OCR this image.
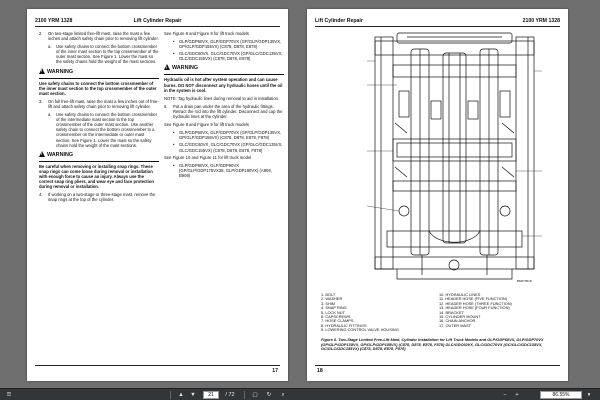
2100 YRM 1328	Lift Cylinder Repair
2. On two-stage limited free-lift mast, raise the mast a few inches and attach safety chain prior to removing lift cylinder.
a. Use safety chains to connect the bottom crossmember of the inner mast section to the top crossmember of the outer mast section. See Figure 1. Lower the mast so the safety chains hold the weight of the mast sections.
!WARNING
Use safety chains to connect the bottom crossmember of the inner mast section to the top crossmember of the outer mast section.
3. On full free-lift mast, raise the mast a few inches out of free-lift and attach safety chain prior to removing lift cylinder.
a. Use safety chains to connect the bottom crossmember of the intermediate mast section to the top crossmember of the outer mast section. Use another safety chain to connect the bottom crossmember to a crossmember on the intermediate or outer mast section. See Figure 1. Lower the mast so the safety chains hold the weight of the mast sections.
!WARNING
Be careful when removing or installing snap rings. These snap rings can come loose during removal or installation with enough force to cause an injury. Always use the correct snap ring pliers, and wear eye and face protection during removal or installation.
4. If working on a two-stage or three-stage mast, remove the snap rings at the top of the cylinder.
See Figure 8 and Figure 9 for lift truck models
• GLP/GDP60VX, GLP/GDP70VX (GP/GLP/GDP135VX, GP/GLP/GDP155VX) (C878, D878, E878)
• GLC/GDC60VX, GLC/GDC70VX (GP/GLC/GDC135VX, GLC/GDC155VX) (C878, D878, E878)
!WARNING
Hydraulic oil is hot after system operation and can cause burns. DO NOT disconnect any hydraulic hoses until the oil in the system is cool.
NOTE: Tag hydraulic lines during removal to aid in installation.
5. Put a drain pan under the area of the hydraulic fittings. Retract the rod into the lift cylinder. Disconnect and cap the hydraulic lines at the cylinder.
See Figure 8 and Figure 9 for lift truck models
• GLP/GDP60VX, GLP/GDP70VX (GP/GLP/GDP135VX, GP/GLP/GDP155VX) (C878, D878, E878, F878)
• GLC/GDC60VX, GLC/GDC70VX (GP/GLC/GDC135VX, GLC/GDC155VX) (C878, D878, E878, F878)
See Figure 10 and Figure 11 for lift truck model
• GLP/GDP80VX, GLP/GDP90VX (GP/GLP/GDP175VX38, GLP/GDP190VX) (A909, B909)
17
Lift Cylinder Repair	2100 YRM 1328
BM070518
1. BOLT
2. WASHER
3. SHIM
4. SNAP RING
5. LOCK NUT
6. CAPSCREWS
7. HOSE CLAMPS
8. HYDRAULIC FITTINGS
9. LOWERING CONTROL VALVE HOUSING
10. HYDRAULIC LINES
11. HEADER HOSE (FIVE FUNCTION)
12. HEADER HOSE (THREE FUNCTION)
13. HEADER HOSE (FOUR FUNCTION)
14. BRACKET
15. CYLINDER MOUNT
16. CHAIN ANCHOR
17. OUTER MAST
Figure 8. Two-Stage Limited Free-Lift Mast, Cylinder Installation for Lift Truck Models and GLP/GDP60VX, GLP/GDP70VX (GP/GLP/GDP135VX, GP/GLP/GDP155VX) (C878, D878, E878, F878) GLC/GDC60VX, GLC/GDC70VX (GC/GLC/GDC135VX, GC/GLC/GDC155VX) (C878, D878, E878, F878)
18
☰	▲	▼	21	/ 72	▢	↻	⌕	−	+	86.55%	▾
